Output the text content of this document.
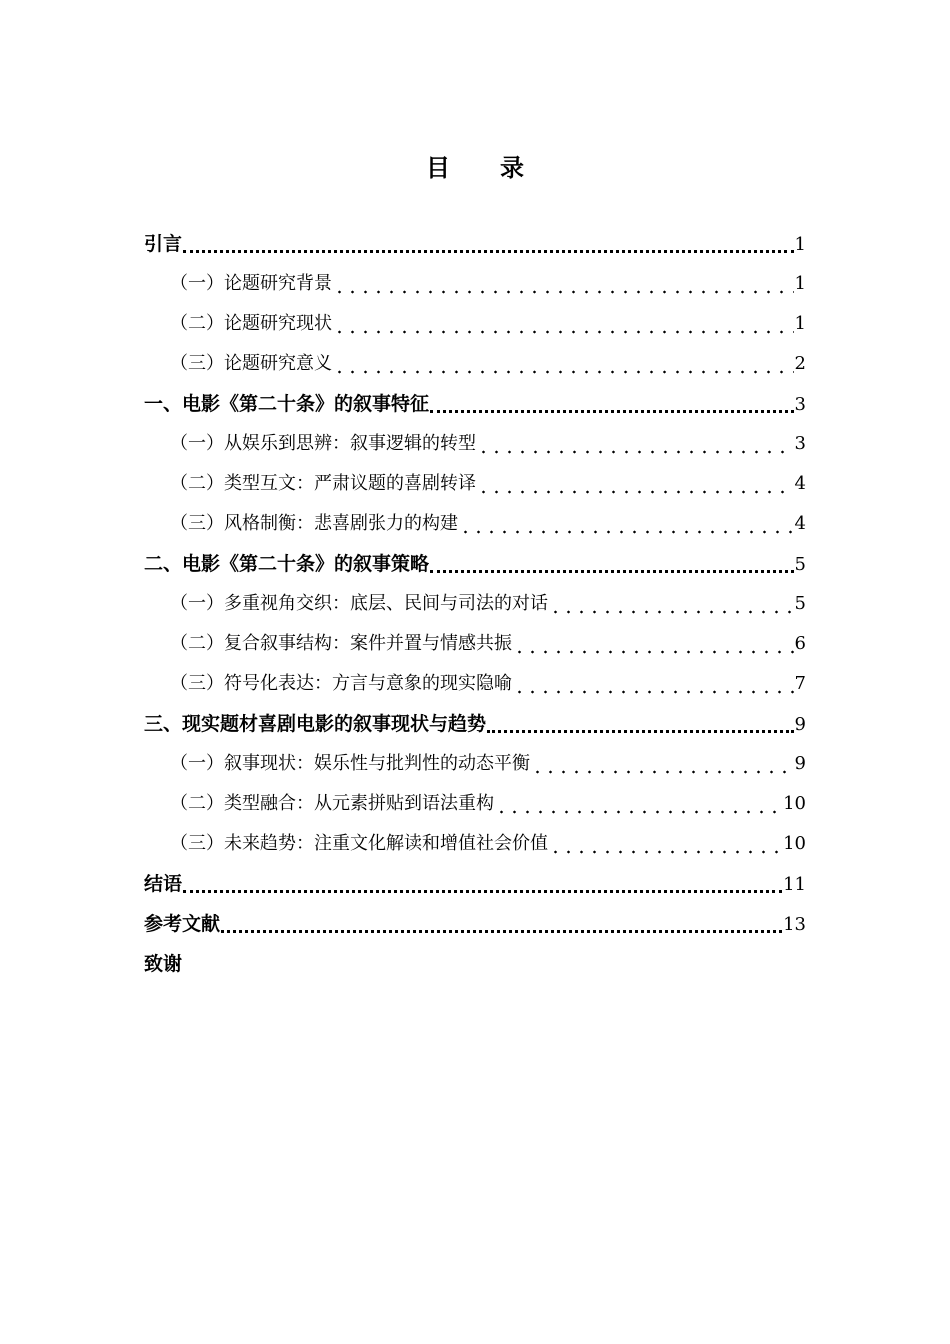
目 录
引言	1
（一）论题研究背景	1
（二）论题研究现状	1
（三）论题研究意义	2
一、电影《第二十条》的叙事特征	3
（一）从娱乐到思辨：叙事逻辑的转型	3
（二）类型互文：严肃议题的喜剧转译	4
（三）风格制衡：悲喜剧张力的构建	4
二、电影《第二十条》的叙事策略	5
（一）多重视角交织：底层、民间与司法的对话	5
（二）复合叙事结构：案件并置与情感共振	6
（三）符号化表达：方言与意象的现实隐喻	7
三、现实题材喜剧电影的叙事现状与趋势	9
（一）叙事现状：娱乐性与批判性的动态平衡	9
（二）类型融合：从元素拼贴到语法重构	10
（三）未来趋势：注重文化解读和增值社会价值	10
结语	11
参考文献	13
致谢
